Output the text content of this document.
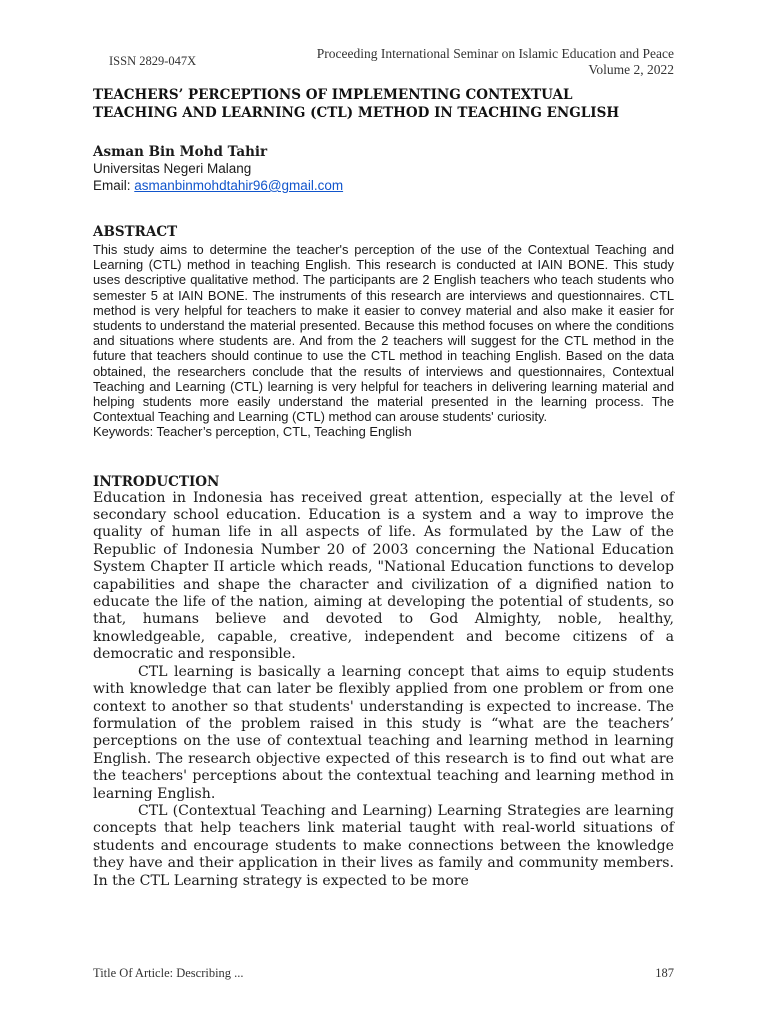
ISSN 2829-047X	Proceeding International Seminar on Islamic Education and Peace
Volume 2, 2022
TEACHERS’ PERCEPTIONS OF IMPLEMENTING CONTEXTUAL
TEACHING AND LEARNING (CTL) METHOD IN TEACHING ENGLISH
Asman Bin Mohd Tahir
Universitas Negeri Malang
Email: asmanbinmohdtahir96@gmail.com
ABSTRACT

This study aims to determine the teacher's perception of the use of the Contextual Teaching and Learning (CTL) method in teaching English. This research is conducted at IAIN BONE. This study uses descriptive qualitative method. The participants are 2 English teachers who teach students who semester 5 at IAIN BONE. The instruments of this research are interviews and questionnaires. CTL method is very helpful for teachers to make it easier to convey material and also make it easier for students to understand the material presented. Because this method focuses on where the conditions and situations where students are. And from the 2 teachers will suggest for the CTL method in the future that teachers should continue to use the CTL method in teaching English. Based on the data obtained, the researchers conclude that the results of interviews and questionnaires, Contextual Teaching and Learning (CTL) learning is very helpful for teachers in delivering learning material and helping students more easily understand the material presented in the learning process. The Contextual Teaching and Learning (CTL) method can arouse students' curiosity.

Keywords: Teacher’s perception, CTL, Teaching English
INTRODUCTION

Education in Indonesia has received great attention, especially at the level of secondary school education. Education is a system and a way to improve the quality of human life in all aspects of life. As formulated by the Law of the Republic of Indonesia Number 20 of 2003 concerning the National Education System Chapter II article which reads, "National Education functions to develop capabilities and shape the character and civilization of a dignified nation to educate the life of the nation, aiming at developing the potential of students, so that, humans believe and devoted to God Almighty, noble, healthy, knowledgeable, capable, creative, independent and become citizens of a democratic and responsible.

CTL learning is basically a learning concept that aims to equip students with knowledge that can later be flexibly applied from one problem or from one context to another so that students' understanding is expected to increase. The formulation of the problem raised in this study is “what are the teachers’ perceptions on the use of contextual teaching and learning method in learning English. The research objective expected of this research is to find out what are the teachers' perceptions about the contextual teaching and learning method in learning English.

CTL (Contextual Teaching and Learning) Learning Strategies are learning concepts that help teachers link material taught with real-world situations of students and encourage students to make connections between the knowledge they have and their application in their lives as family and community members. In the CTL Learning strategy is expected to be more

Title Of Article: Describing ...	187
